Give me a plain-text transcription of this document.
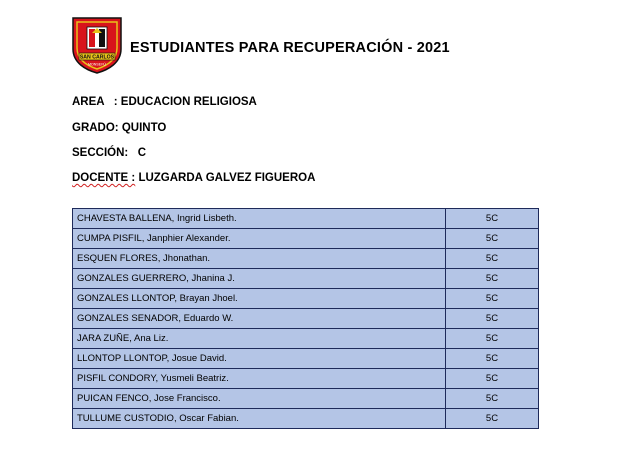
SAN CARLOS
MONSEFÚ
ESTUDIANTES PARA RECUPERACIÓN - 2021
AREA   : EDUCACION RELIGIOSA
GRADO: QUINTO
SECCIÓN:   C
DOCENTE : LUZGARDA GALVEZ FIGUEROA
CHAVESTA BALLENA, Ingrid Lisbeth.	5C
CUMPA PISFIL, Janphier Alexander.	5C
ESQUEN FLORES, Jhonathan.	5C
GONZALES GUERRERO, Jhanina J.	5C
GONZALES LLONTOP, Brayan Jhoel.	5C
GONZALES SENADOR, Eduardo W.	5C
JARA ZUÑE, Ana Liz.	5C
LLONTOP LLONTOP, Josue David.	5C
PISFIL CONDORY, Yusmeli Beatriz.	5C
PUICAN FENCO, Jose Francisco.	5C
TULLUME CUSTODIO, Oscar Fabian.	5C
